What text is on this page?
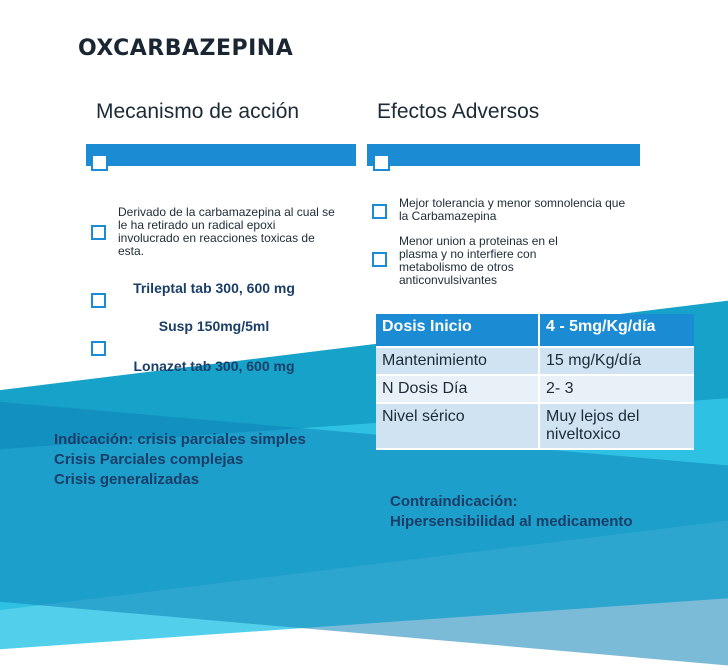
OXCARBAZEPINA
Mecanismo de acción	Efectos Adversos
Derivado de la carbamazepina al cual se le ha retirado un radical epoxi involucrado en reacciones toxicas de esta.
Trileptal tab 300, 600 mg
Susp 150mg/5ml
Lonazet tab 300, 600 mg
Mejor tolerancia y menor somnolencia que la Carbamazepina
Menor union a proteinas en el plasma y no interfiere con metabolismo de otros anticonvulsivantes
Dosis Inicio	4 - 5mg/Kg/día
Mantenimiento	15 mg/Kg/día
N Dosis Día	2- 3
Nivel sérico	Muy lejos del niveltoxico
Indicación: crisis parciales simples
Crisis Parciales complejas
Crisis generalizadas
Contraindicación:
Hipersensibilidad al medicamento
